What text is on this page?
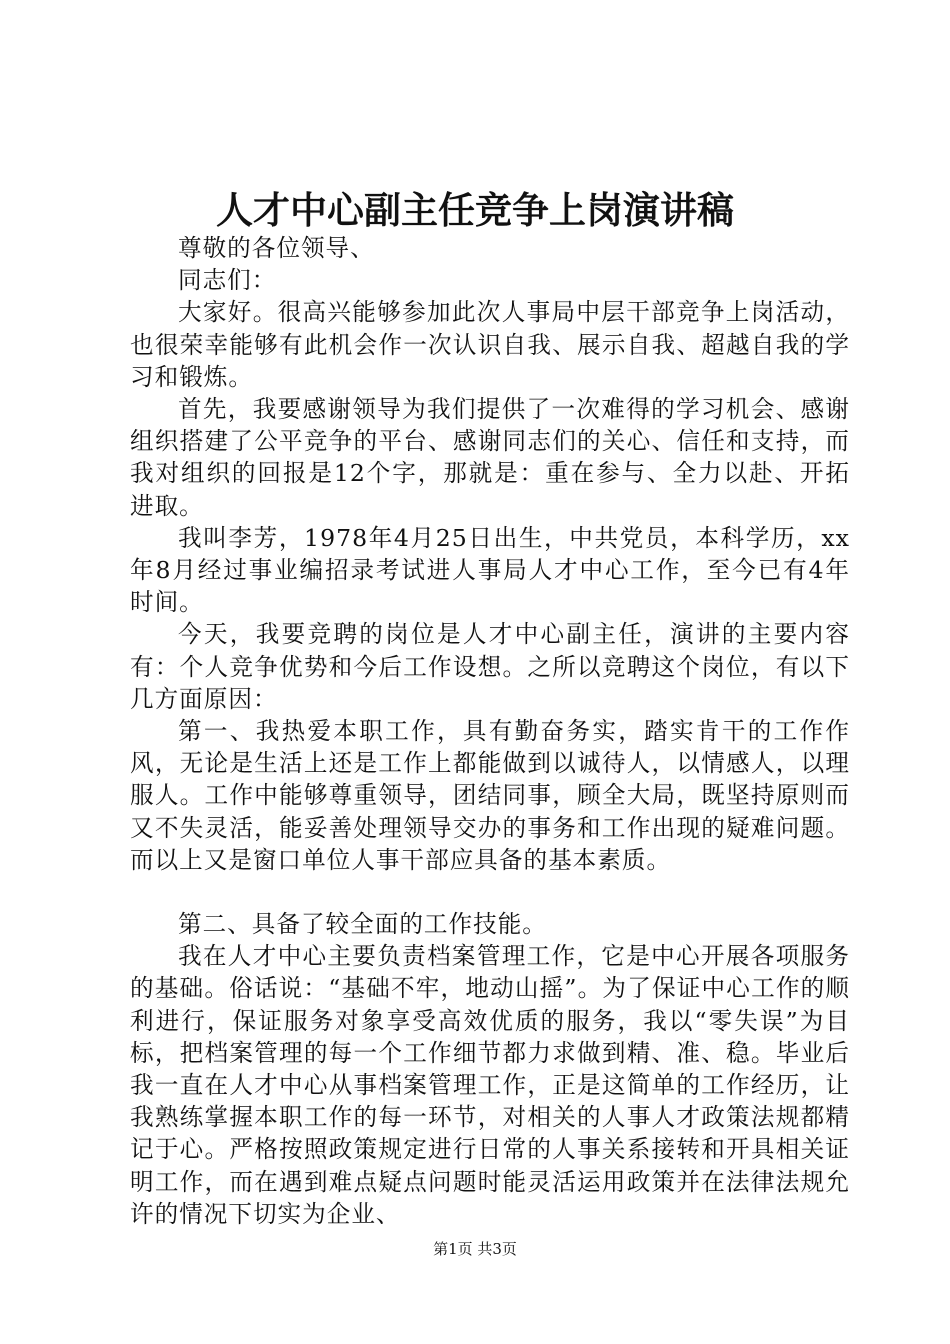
人才中心副主任竞争上岗演讲稿

尊敬的各位领导、

同志们：

大家好。很高兴能够参加此次人事局中层干部竞争上岗活动，也很荣幸能够有此机会作一次认识自我、展示自我、超越自我的学习和锻炼。

首先，我要感谢领导为我们提供了一次难得的学习机会、感谢组织搭建了公平竞争的平台、感谢同志们的关心、信任和支持，而我对组织的回报是12个字，那就是：重在参与、全力以赴、开拓进取。

我叫李芳，1978年4月25日出生，中共党员，本科学历，xx年8月经过事业编招录考试进人事局人才中心工作，至今已有4年时间。

今天，我要竞聘的岗位是人才中心副主任，演讲的主要内容有：个人竞争优势和今后工作设想。之所以竞聘这个岗位，有以下几方面原因：

第一、我热爱本职工作，具有勤奋务实，踏实肯干的工作作风，无论是生活上还是工作上都能做到以诚待人，以情感人，以理服人。工作中能够尊重领导，团结同事，顾全大局，既坚持原则而又不失灵活，能妥善处理领导交办的事务和工作出现的疑难问题。而以上又是窗口单位人事干部应具备的基本素质。

第二、具备了较全面的工作技能。

我在人才中心主要负责档案管理工作，它是中心开展各项服务的基础。俗话说：“基础不牢，地动山摇”。为了保证中心工作的顺利进行，保证服务对象享受高效优质的服务，我以“零失误”为目标，把档案管理的每一个工作细节都力求做到精、准、稳。毕业后我一直在人才中心从事档案管理工作，正是这简单的工作经历，让我熟练掌握本职工作的每一环节，对相关的人事人才政策法规都精记于心。严格按照政策规定进行日常的人事关系接转和开具相关证明工作，而在遇到难点疑点问题时能灵活运用政策并在法律法规允许的情况下切实为企业、

第1页 共3页
